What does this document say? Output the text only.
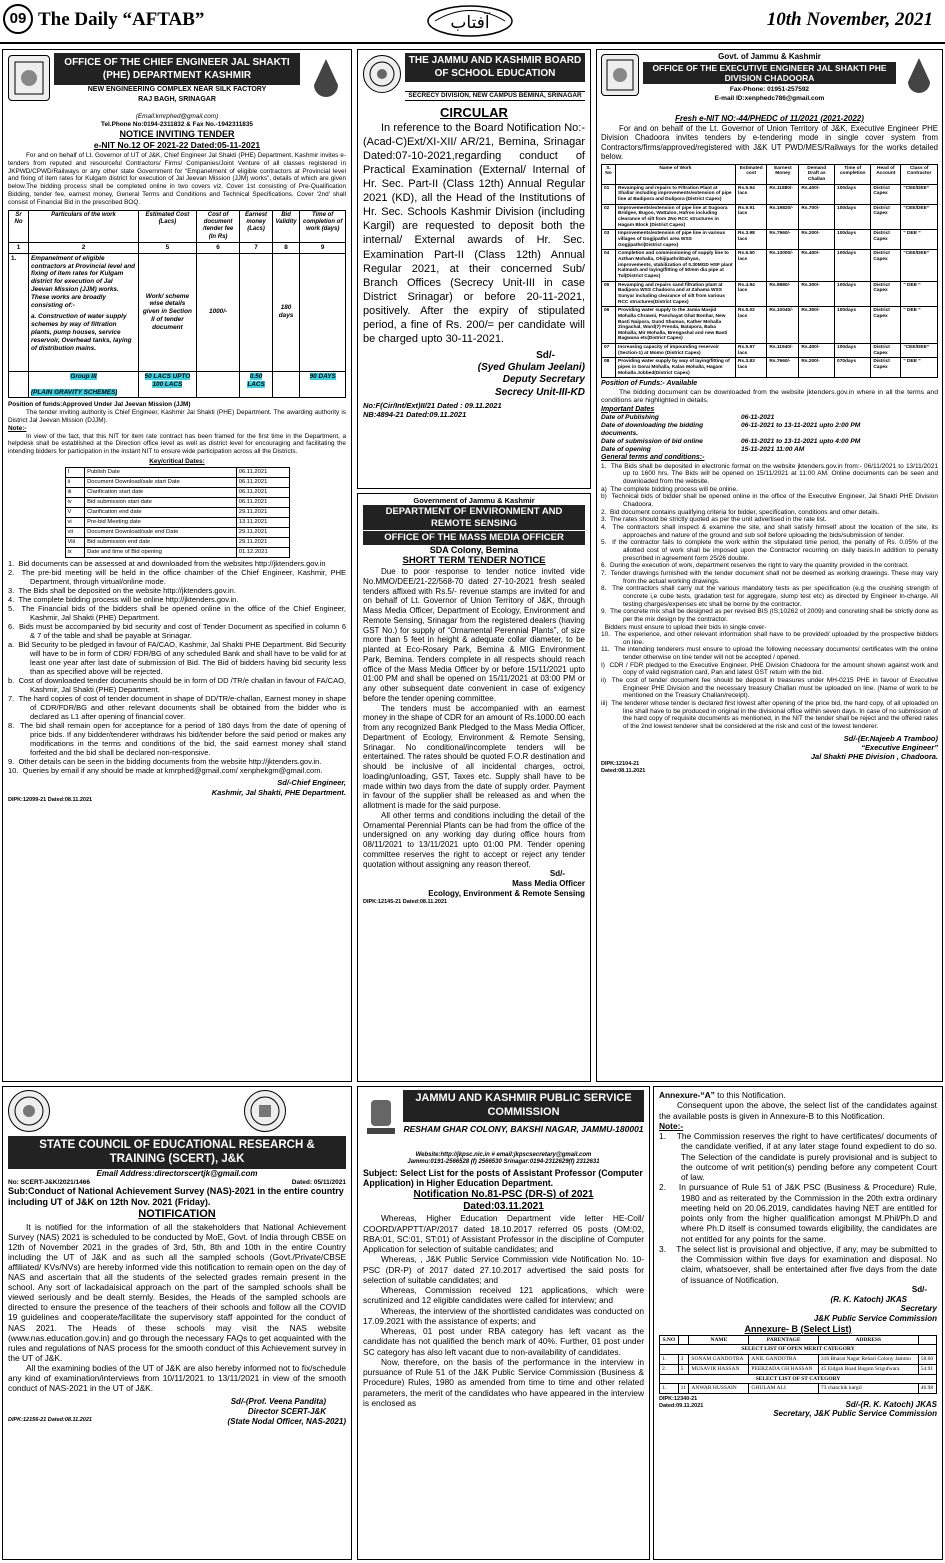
09 The Daily “AFTAB”	آفتاب	10th November, 2021
OFFICE OF THE CHIEF ENGINEER JAL SHAKTI (PHE) DEPARTMENT KASHMIR
NEW ENGINEERING COMPLEX NEAR SILK FACTORY
RAJ BAGH, SRINAGAR
(Email:kmrphed@gmail.com)
Tel.Phone No:0194-2311832 & Fax No.-1942311835
NOTICE INVITING TENDER
e-NIT No.12 OF 2021-22 Dated:05-11-2021

For and on behalf of Lt. Governor of UT of J&K, Chief Engineer Jal Shakti (PHE) Department, Kashmir invites e-tenders from reputed and resourceful Contractors/ Firms/ Companies/Joint Venture of all classes registered in JKPWD/CPWD/Railways or any other state Government for “Empanelment of eligible contractors at Provincial level and fixing of item rates for Kulgam district for execution of Jal Jeevan Mission (JJM) works”, details of which are given below.The bidding process shall be completed online in two covers viz. Cover 1st consisting of Pre-Qualification Bidding, tender fee, earnest money, General Terms and Conditions and Technical Specifications. Cover ‘2nd’ shall consist of Financial Bid in the prescribed BOQ.

Sr No	Particulars of the work	Estimated Cost (Lacs)	Cost of document /tender fee (In Rs)	Earnest money (Lacs)	Bid Validity	Time of completion of work (days)
1	2	5	6	7	8	9
1.	Empanelment of eligible contractors at Provincial level and fixing of item rates for Kulgam district for execution of Jal Jeevan Mission (JJM) works. These works are broadly consisting of:-
a. Construction of water supply schemes by way of filtration plants, pump houses, service reservoir, Overhead tanks, laying of distribution mains.	Work/ scheme wise details given in Section II of tender document	1000/-		180 days	

	Group III
(PLAIN GRAVITY SCHEMES)	50 LACS UPTO 100 LACS		0.50 LACS		90 DAYS
Position of funds:Approved Under Jal Jeevan Mission (JJM)

The tender inviting authority is Chief Engineer, Kashmir Jal Shakti (PHE) Department. The awarding authority is District Jal Jeevan Mission (DJJM).

Note:-

In view of the fact, that this NIT for item rate contract has been framed for the first time in the Department, a helpdesk shall be established at the Direction office level as well as district level for encouraging and facilitating the intending bidders for participation in the instant NIT to ensure wide participation across all the Districts.

Key/critical Dates:
I	Publish Date	06.11.2021
ii	Document Download/sale start Date	06.11.2021
iii	Clarification start date	06.11.2021
iv	Bid submission start date	06.11.2021
V	Clarification end date	29.11.2021
vi	Pre-bid Meeting date	13.11.2021
vii	Document Download/sale end Date	29.11.2021
Viii	Bid submission end date	29.11.2021
ix	Date and time of Bid opening	01.12.2021
1. Bid documents can be assessed at and downloaded from the websites http://jktenders.gov.in
2. The pre-bid meeting will be held in the office chamber of the Chief Engineer, Kashmir, PHE Department, through virtual/online mode.
3. The Bids shall be deposited on the website http://jktenders.gov.in.
4. The complete bidding process will be online http://jktenders.gov.in.
5. The Financial bids of the bidders shall be opened online in the office of the Chief Engineer, Kashmir, Jal Shakti (PHE) Department.
6. Bids must be accompanied by bid security and cost of Tender Document as specified in column 6 & 7 of the table and shall be payable at Srinagar.
a. Bid Security to be pledged in favour of FA/CAO, Kashmir, Jal Shakti PHE Department. Bid Security will have to be in form of CDR/ FDR/BG of any scheduled Bank and shall have to be valid for at least one year after last date of submission of Bid. The Bid of bidders having bid security less than as specified above will be rejected.
b. Cost of downloaded tender documents should be in form of DD /TR/e challan in favour of FA/CAO, Kashmir, Jal Shakti (PHE) Department.
7. The hard copies of cost of tender document in shape of DD/TR/e-challan, Earnest money in shape of CDR/FDR/BG and other relevant documents shall be obtained from the bidder who is declared as L1 after opening of financial cover.
8. The bid shall remain open for acceptance for a period of 180 days from the date of opening of price bids. If any bidder/tenderer withdraws his bid/tender before the said period or makes any modifications in the terms and conditions of the bid, the said earnest money shall stand forfeited and the bid shall be declared non-responsive.
9. Other details can be seen in the bidding documents from the website http://jktenders.gov.in.
10. Queries by email if any should be made at kmrphed@gmail.com/ xenphekgm@gmail.com.
Sd/-Chief Engineer,
Kashmir, Jal Shakti, PHE Department.
DIPK:12099-21 Dated:08.11.2021
THE JAMMU AND KASHMIR BOARD OF SCHOOL EDUCATION
SECRECY DIVISION, NEW CAMPUS BEMINA, SRINAGAR
CIRCULAR

In reference to the Board Notification No:-(Acad-C)Ext/XI-XII/ AR/21, Bemina, Srinagar Dated:07-10-2021,regarding conduct of Practical Examination (External/ Internal of Hr. Sec. Part-II (Class 12th) Annual Regular 2021 (KD), all the Head of the Institutions of Hr. Sec. Schools Kashmir Division (including Kargil) are requested to deposit both the internal/ External awards of Hr. Sec. Examination Part-II (Class 12th) Annual Regular 2021, at their concerned Sub/ Branch Offices (Secrecy Unit-III in case District Srinagar) or before 20-11-2021, positively. After the expiry of stipulated period, a fine of Rs. 200/= per candidate will be charged upto 30-11-2021.

Sd/-
(Syed Ghulam Jeelani)
Deputy Secretary
Secrecy Unit-III-KD
No:F(Cir/Int/Ext)II/21 Dated : 09.11.2021
NB:4894-21 Dated:09.11.2021
Government of Jammu & Kashmir
DEPARTMENT OF ENVIRONMENT AND REMOTE SENSING
OFFICE OF THE MASS MEDIA OFFICER
SDA Colony, Bemina
SHORT TERM TENDER NOTICE

Due to poor response to tender notice invited vide No.MMO/DEE/21-22/568-70 dated 27-10-2021 fresh sealed tenders affixed with Rs.5/- revenue stamps are invited for and on behalf of Lt. Governor of Union Territory of J&K, through Mass Media Officer, Department of Ecology, Environment and Remote Sensing, Srinagar from the registered dealers (having GST No.) for supply of “Ornamental Perennial Plants”, of size more than 5 feet in height & adequate collar diameter, to be planted at Eco-Rosary Park, Bemina & MIG Environment Park, Bemina. Tenders complete in all respects should reach office of the Mass Media Officer by or before 15/11/2021 upto 01:00 PM and shall be opened on 15/11/2021 at 03:00 PM or any other subsequent date convenient in case of exigency before the tender opening committee.

The tenders must be accompanied with an earnest money in the shape of CDR for an amount of Rs.1000.00 each from any recognized Bank Pledged to the Mass Media Officer, Department of Ecology, Environment & Remote Sensing, Srinagar. No conditional/incomplete tenders will be entertained. The rates should be quoted F.O.R destination and should be inclusive of all incidental charges, octroi, loading/unloading, GST, Taxes etc. Supply shall have to be made within two days from the date of supply order. Payment in favour of the supplier shall be released as and when the allotment is made for the said purpose.

All other terms and conditions including the detail of the Ornamental Perennial Plants can be had from the office of the undersigned on any working day during office hours from 08/11/2021 to 13/11/2021 upto 01:00 PM. Tender opening committee reserves the right to accept or reject any tender quotation without assigning any reason thereof.

Sd/-
Mass Media Officer
Ecology, Environment & Remote Sensing
DIPK:12145-21 Dated:08.11.2021
Govt. of Jammu & Kashmir
OFFICE OF THE EXECUTIVE ENGINEER JAL SHAKTI PHE DIVISION CHADOORA
Fax-Phone: 01951-257592
E-mail ID:xenphedc786@gmail.com
Fresh e-NIT NO:-44/PHEDC of 11/2021 (2021-2022)

For and on behalf of the Lt. Governor of Union Territory of J&K, Executive Engineer PHE Division Chadoora invites tenders by e-tendering mode in single cover system from Contractors/firms/approved/registered with J&K UT PWD/MES/Railways for the works detailed below.

S. No	Name of Work	Estimated cost	Earnest Money	Demand Draft as Challan	Time of completion	Head of Account	Class of Contractor
01	Revamping and repairs to Filtration Plant at Shallar including improvements/extension of pipe line at Badipora and Dulipora (District Capex)	Rs.5.94 lacs	Rs.11880/-	Rs.400/-	100days	District Capex	“CEE/DEE”
02	Improvements/extension of pipe line at Sugoora Bridgee, Bugoo, Wattaloo, Hafroo including clearance of silt from 2No RCC structures in Hagam Block (District Capex)	Rs.9.91 lacs	Rs.19820/-	Rs.700/-	100days	District Capex	“CEE/DEE”
03	Improvements/extension of pipe line in various villages of Gogjipathri area WSS Gogjipathri(District capex)	Rs.3.98 lacs	Rs.7960/-	Rs.200/-	100days	District Capex	“ DEE ”
04	Completion and commissioning of supply line to Azthan Mohalla, Ohijipathri/Dahyan, improvements, stabilization of 0.30MGD HSF plant Kalmash and laying/fitting of 50mm dia pipe at Tul(District Capex)	Rs.6.50 lacs	Rs.13000/-	Rs.400/-	100days	District Capex	“CEE/DEE”
05	Revamping and repairs sand filtration plant at Badipora WSS Chadoora and at Zahama WSS Sunyar including clearance of silt from various RCC structures(District Capex)	Rs.4.94 lacs	Rs.9880/-	Rs.300/-	100days	District Capex	“ DEE ”
06	Providing water supply to the Jamia Masjid Mohalla Chrawni, Panchayat Ghat Bonhar, New Basti Naipora, Gund Shamus, Kather Mohalla Zingachal, Ward(7) Frenda, Batapora, Baba Mohalla, Mir Mohalla, Brengashal and new Basti Bagwana etc(District Capex)	Rs.5.02 lacs	Rs.10040/-	Rs.300/-	100days	District Capex	“ DEE ”
07	Increasing capacity of impounding reservoir (Section-1) at Momo (District Capex)	Rs.5.97 lacs	Rs.11940/-	Rs.400/-	100days	District Capex	“CEE/DEE”
08	Providing water supply by way of laying/fitting of pipes in Gorai Mohalla, Kalas Mohalla, Hagam Mohalla Jobbed(District Capex)	Rs.3.83 lacs	Rs.7660/-	Rs.200/-	070days	District Capex	“ DEE ”
Position of Funds:- Available

The bidding document can be downloaded from the website jktenders.gov.in where in all the terms and conditions are highlighted in details.

Important Dates
Date of Publishing	06-11-2021
Date of downloading the bidding documents.
06-11-2021 to 13-11-2021 upto 2:00 PM
Date of submission of bid online	06-11-2021 to 13-11-2021 upto 4:00 PM
Date of opening	15-11-2021 11:00 AM
General terms and conditions:-
1. The Bids shall be deposited in electronic format on the website jktenders.gov.in from:- 06/11/2021 to 13/11/2021 up to 1600 hrs. The Bids will be opened on 15/11/2021 at 11:00 AM. Online documents can be seen and downloaded from the website.
a) The complete bidding process will be online.
b) Technical bids of bidder shall be opened online in the office of the Executive Engineer, Jal Shakti PHE Division Chadoora.
2. Bid document contains qualifying criteria for bidder, specification, conditions and other details.
3. The rates should be strictly quoted as per the unit advertised in the rate list.
4. The contractors shall inspect & examine the site, and shall satisfy himself about the location of the site, its approaches and nature of the ground and sub soil before uploading the bids/submission of tender.
5. If the contractor fails to complete the work within the stipulated time period, the penalty of Rs. 0.05% of the allotted cost of work shall be imposed upon the Contractor recurring on daily basis.In addition to penalty prescribed in agreement form 25/26 double.
6. During the execution of work, department reserves the right to vary the quantity provided in the contract.
7. Tender drawings furnished with the tender document shall not be deemed as working drawings. These may vary from the actual working drawings.
8. The contractors shall carry out the various mandatory tests as per specification (e,g the crushing strength of concrete i,e cube tests, gradation test for aggregate, slump test etc) as directed by Engineer In-charge. All testing charges/expenses etc shall be borne by the contractor.
9. The concrete mix shall be designed as per revised BIS (IS;10262 of 2009) and concreting shall be strictly done as per the mix design by the contractor.
Bidders must ensure to upload their bids in single cover-
10. The experience, and other relevant information shall have to be provided/ uploaded by the prospective bidders on line.
11. The intending tenderers must ensure to upload the following necessary documents/ certificates with the online tender otherwise on line tender will not be accepted / opened.
I) CDR / FDR pledged to the Executive Engineer, PHE Division Chadoora for the amount shown against work and copy of valid registration card, Pan and latest GST return with the bid.
ii) The cost of tender document fee should be deposit in treasures under MH-0215 PHE in favour of Executive Engineer PHE Division and the necessary treasury Challan must be uploaded on line. (Name of work to be mentioned on the Treasury Challan/receipt).
iii) The tenderer whose tender is declared first lowest after opening of the price bid, the hard copy, of all uploaded on line shall have to be produced in original in the divisional office within seven days. In case of no submission of the hard copy of requisite documents as mentioned, in the NIT the tender shall be reject and the offered rates of the 2nd lowest tenderer shall be considered at the risk and cost of the lowest tenderer.
Sd/-(Er.Najeeb A Tramboo)
“Executive Engineer”
Jal Shakti PHE Division , Chadoora.
DIPK:12104-21
Dated:08.11.2021
STATE COUNCIL OF EDUCATIONAL RESEARCH & TRAINING (SCERT), J&K
Email Address:directorscertjk@gmail.com
No: SCERT-J&K/2021/1466	Dated: 05/11/2021
Sub:Conduct of National Achievement Survey (NAS)-2021 in the entire country including UT of J&K on 12th Nov. 2021 (Friday).
NOTIFICATION

It is notified for the information of all the stakeholders that National Achievement Survey (NAS) 2021 is scheduled to be conducted by MoE, Govt. of India through CBSE on 12th of November 2021 in the grades of 3rd, 5th, 8th and 10th in the entire Country including the UT of J&K and as such all the sampled schools (Govt./Private/CBSE affiliated/ KVs/NVs) are hereby informed vide this notification to remain open on the day of NAS and ascertain that all the students of the selected grades remain present in the school. Any sort of lackadaisical approach on the part of the sampled schools shall be viewed seriously and be dealt sternly. Besides, the Heads of the sampled schools are directed to ensure the presence of the teachers of their schools and follow all the COVID 19 guidelines and cooperate/facilitate the supervisory staff appointed for the conduct of NAS 2021. The Heads of these schools may visit the NAS website (www.nas.education.gov.in) and go through the necessary FAQs to get acquainted with the rules and regulations of NAS process for the smooth conduct of this Achievement survey in the UT of J&K.

All the examining bodies of the UT of J&K are also hereby informed not to fix/schedule any kind of examination/interviews from 10/11/2021 to 13/11/2021 in view of the smooth conduct of NAS-2021 in the UT of J&K.

Sd/-(Prof. Veena Pandita)
Director SCERT-J&K
DIPK:12156-21 Dated:08.11.2021	(State Nodal Officer, NAS-2021)
JAMMU AND KASHMIR PUBLIC SERVICE COMMISSION
RESHAM GHAR COLONY, BAKSHI NAGAR, JAMMU-180001
Website:http://jkpsc.nic.in # email:jkpscsecretary@gmail.com
Jammu:0191-2566528 (f) 2566530 Srinagar:0194-2312629(f) 2312631
Subject: Select List for the posts of Assistant Professor (Computer Application) in Higher Education Department.
Notification No.81-PSC (DR-S) of 2021
Dated:03.11.2021

Whereas, Higher Education Department vide letter HE-Coll/ COORD/APPTT/AP/2017 dated 18.10.2017 referred 05 posts (OM:02, RBA:01, SC:01, ST:01) of Assistant Professor in the discipline of Computer Application for selection of suitable candidates; and

Whereas, , J&K Public Service Commission vide Notification No. 10-PSC (DR-P) of 2017 dated 27.10.2017 advertised the said posts for selection of suitable candidates; and

Whereas, Commission received 121 applications, which were scrutinized and 12 eligible candidates were called for interview; and

Whereas, the interview of the shortlisted candidates was conducted on 17.09.2021 with the assistance of experts; and

Whereas, 01 post under RBA category has left vacant as the candidate has not qualified the bench mark of 40%. Further, 01 post under SC category has also left vacant due to non-availability of candidates.

Now, therefore, on the basis of the performance in the interview in pursuance of Rule 51 of the J&K Public Service Commission (Business & Procedure) Rules, 1980 as amended from time to time and other related parameters, the merit of the candidates who have appeared in the interview is enclosed as

Annexure-“A” to this Notification.

Consequent upon the above, the select list of the candidates against the available posts is given in Annexure-B to this Notification.

Note:-
1.    The Commission reserves the right to have certificates/ documents of the candidate verified, if at any later stage found expedient to do so. The Selection of the candidate is purely provisional and is subject to the outcome of writ petition(s) pending before any competent Court of law.
2.    In pursuance of Rule 51 of J&K PSC (Business & Procedure) Rule, 1980 and as reiterated by the Commission in the 20th extra ordinary meeting held on 20.06.2019, candidates having NET are entitled for points only from the higher qualification amongst M.Phil/Ph.D and where Ph.D itself is consumed towards eligibility, the candidates are not entitled for any points for the same.
3.    The select list is provisional and objective, if any, may be submitted to the Commission within five days for examination and disposal. No claim, whatsoever, shall be entertained after five days from the date of issuance of Notification.
Sd/-
(R. K. Katoch) JKAS
Secretary
J&K Public Service Commission
Annexure- B (Select List)
S.NO		NAME	PARENTAGE	ADDRESS	
SELECT LIST OF OPEN MERIT CATEGORY					
1.	3	SONAM GANDOTRA	ANIL GANDOTRA	316 Bharat Nagar Rehari Colony Jammu	58.60
2.	5	MUSAVIR HASSAN	PEERZADA GH HASSAN	45 Eidgah Road Bugam Srigufwara	54.91
SELECT LIST OF ST CATEGORY					
1.	11	ANWAR HUSSAIN	GHULAM ALI	73 chanchik kargil	46.98
DIPK:12340-21
Dated:09.11.2021	Sd/-(R. K. Katoch) JKAS
Secretary, J&K Public Service Commission
